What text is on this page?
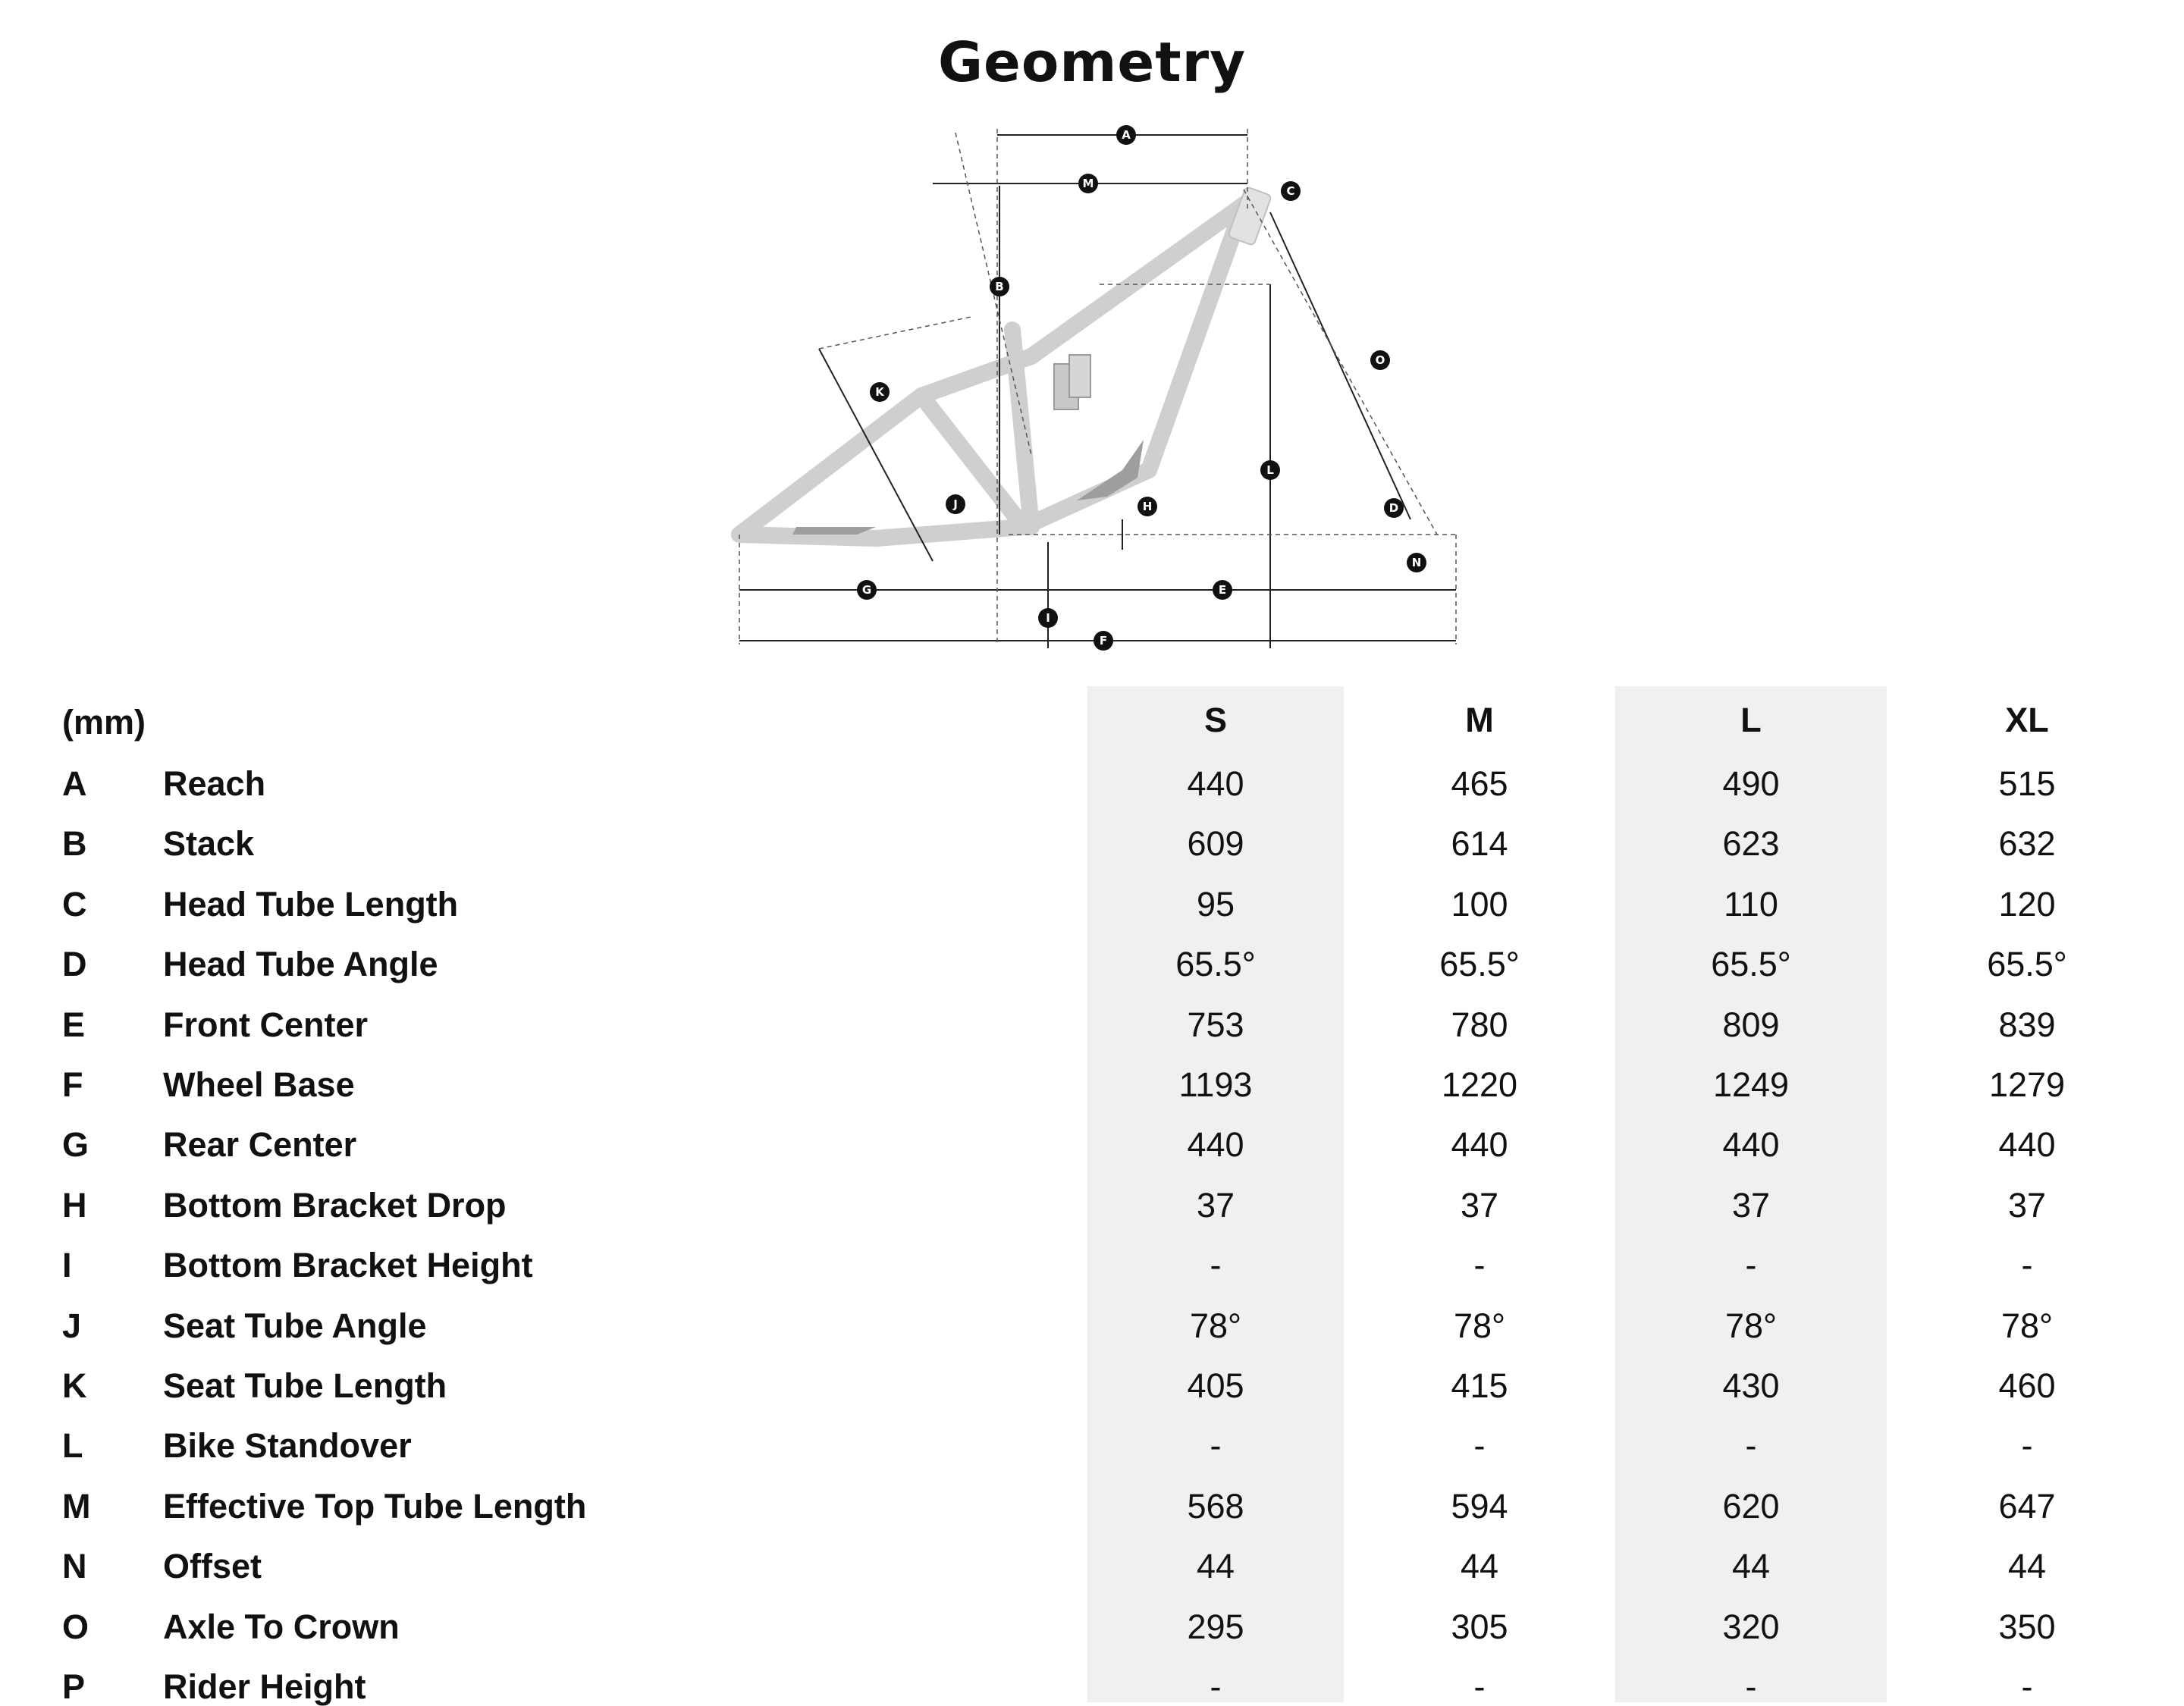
Geometry
A
M
C
B
O
K
L
J	H	D
N
G	E
I
F
(mm)	S	M	L	XL
A Reach	440	465	490	515
B Stack	609	614	623	632
C Head Tube Length	95	100	110	120
D Head Tube Angle	65.5°	65.5°	65.5°	65.5°
E Front Center	753	780	809	839
F Wheel Base	1193	1220	1249	1279
G Rear Center	440	440	440	440
H Bottom Bracket Drop	37	37	37	37
I	Bottom Bracket Height	-	-	-	-
J Seat Tube Angle	78°	78°	78°	78°
K Seat Tube Length	405	415	430	460
L Bike Standover	-	-	-	-
M Effective Top Tube Length	568	594	620	647
N Offset	44	44	44	44
O Axle To Crown	295	305	320	350
P Rider Height	-	-	-	-
